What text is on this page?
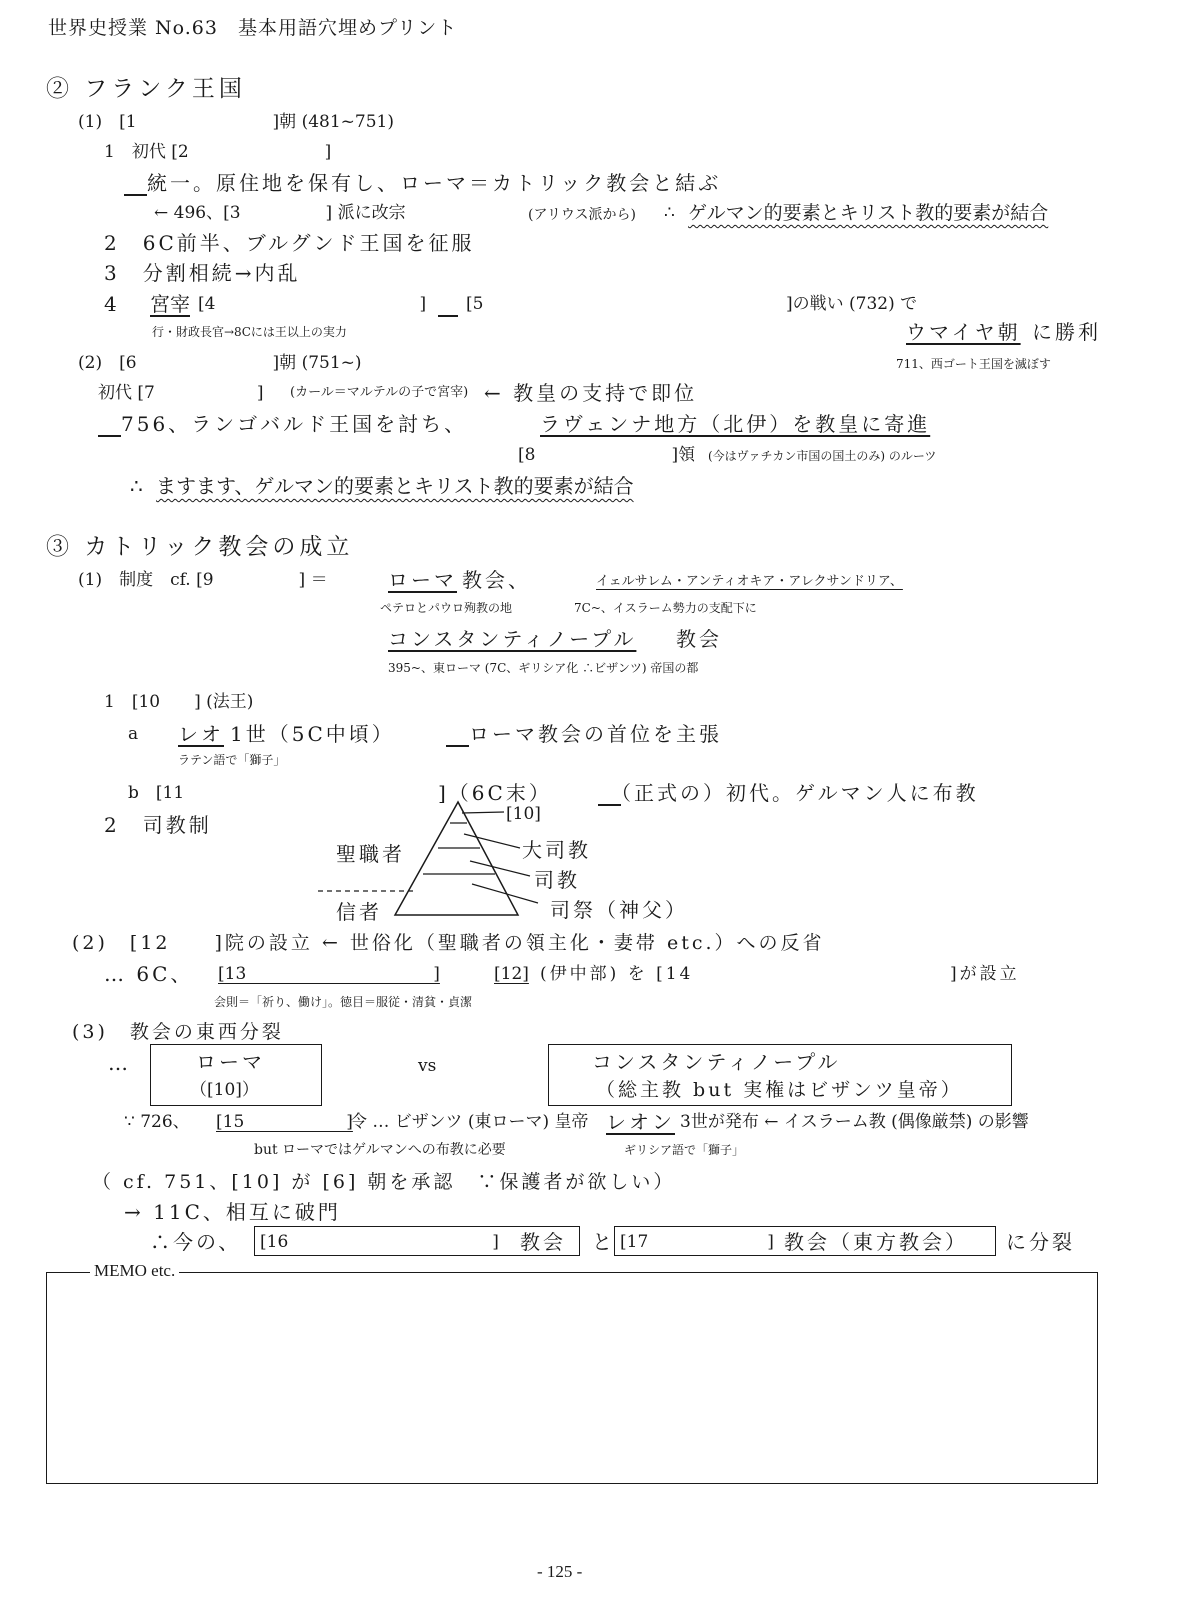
世界史授業 No.63　基本用語穴埋めプリント
② フランク王国
(1)　[1　　　　　　　　]朝 (481~751)
1　初代 [2　　　　　　　　]
　統一。原住地を保有し、ローマ＝カトリック教会と結ぶ
← 496、[3　　　　　] 派に改宗	(アリウス派から) ∴ ゲルマン的要素とキリスト教的要素が結合
2　6C前半、ブルグンド王国を征服
3　分割相続→内乱
4 宮宰 [4　　　　　　　　　　　　]
　 [5	]の戦い (732) で
行・財政長官→8Cには王以上の実力	ウマイヤ朝 に勝利
(2)　[6　　　　　　　　]朝 (751~)	711、西ゴート王国を滅ぼす
初代 [7　　　　　　] (カール＝マルテルの子で宮宰) ← 教皇の支持で即位
　756、ランゴバルド王国を討ち、	ラヴェンナ地方（北伊）を教皇に寄進
[8　　　　　　　　]領 (今はヴァチカン市国の国土のみ) のルーツ
∴ ますます、ゲルマン的要素とキリスト教的要素が結合
③ カトリック教会の成立
(1)　制度　cf. [9　　　　　] ＝	ローマ 教会、	イェルサレム・アンティオキア・アレクサンドリア、
ペテロとパウロ殉教の地	7C~、イスラーム勢力の支配下に
コンスタンティノープル 教会
395~、東ローマ (7C、ギリシア化 ∴ビザンツ) 帝国の都
1　[10　　] (法王)
a レオ 1世（5C中頃）
　	ローマ教会の首位を主張
ラテン語で「獅子」
b　[11	]（6C末）
　	（正式の）初代。ゲルマン人に布教
2　司教制
聖職者
信者
[10]
大司教
司教
司祭（神父）
(2)　[12　　]院の設立 ← 世俗化（聖職者の領主化・妻帯 etc.）への反省
… 6C、 [13　　　　　　　　　　　]	[12] (伊中部) を [14	]が設立
会則＝「祈り、働け」。徳目＝服従・清貧・貞潔
(3)　教会の東西分裂
…	ローマ
（[10]）
vs	コンスタンティノープル
（総主教 but 実権はビザンツ皇帝）
∵ 726、 [15　　　　　　]
令 … ビザンツ (東ローマ) 皇帝 レオン 3世が発布 ← イスラーム教 (偶像厳禁) の影響
but ローマではゲルマンへの布教に必要	ギリシア語で「獅子」
（ cf. 751、[10] が [6] 朝を承認　∵保護者が欲しい）
→ 11C、相互に破門
∴今の、 [16　　　　　　　　　　　　] 教会 と [17　　　　　　　] 教会（東方教会） に分裂
MEMO etc.
- 125 -
